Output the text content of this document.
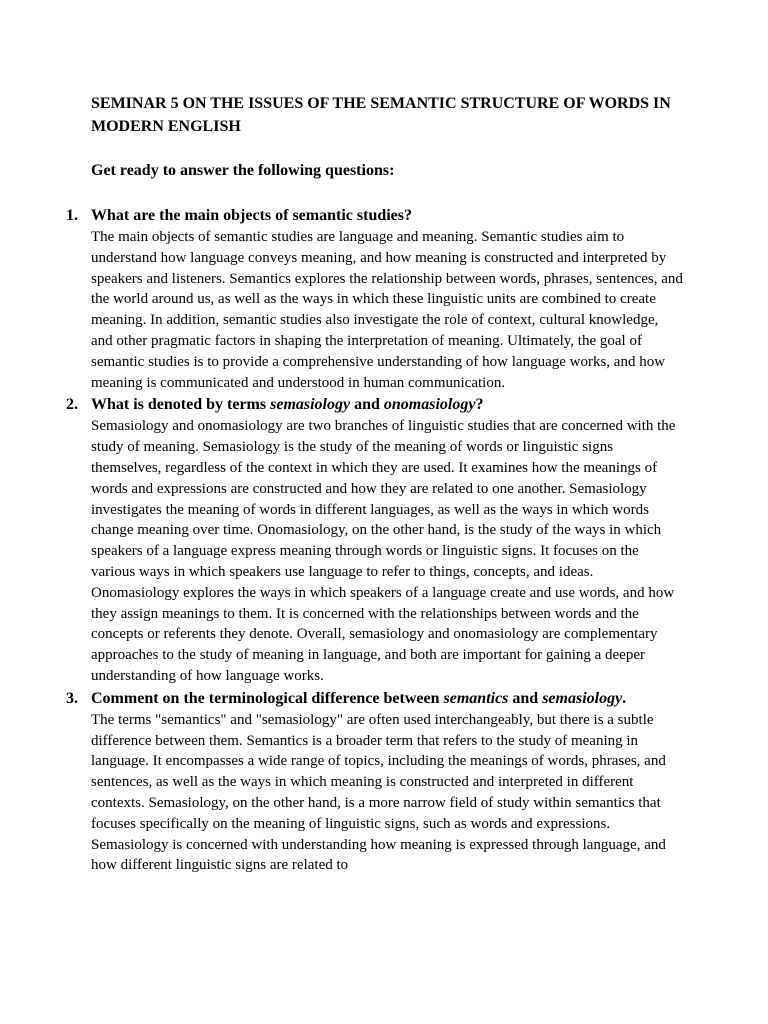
SEMINAR 5 ON THE ISSUES OF THE SEMANTIC STRUCTURE OF WORDS IN MODERN ENGLISH
Get ready to answer the following questions:
1. What are the main objects of semantic studies?

The main objects of semantic studies are language and meaning. Semantic studies aim to understand how language conveys meaning, and how meaning is constructed and interpreted by speakers and listeners. Semantics explores the relationship between words, phrases, sentences, and the world around us, as well as the ways in which these linguistic units are combined to create meaning. In addition, semantic studies also investigate the role of context, cultural knowledge, and other pragmatic factors in shaping the interpretation of meaning. Ultimately, the goal of semantic studies is to provide a comprehensive understanding of how language works, and how meaning is communicated and understood in human communication.

2. What is denoted by terms semasiology and onomasiology?

Semasiology and onomasiology are two branches of linguistic studies that are concerned with the study of meaning. Semasiology is the study of the meaning of words or linguistic signs themselves, regardless of the context in which they are used. It examines how the meanings of words and expressions are constructed and how they are related to one another. Semasiology investigates the meaning of words in different languages, as well as the ways in which words change meaning over time. Onomasiology, on the other hand, is the study of the ways in which speakers of a language express meaning through words or linguistic signs. It focuses on the various ways in which speakers use language to refer to things, concepts, and ideas. Onomasiology explores the ways in which speakers of a language create and use words, and how they assign meanings to them. It is concerned with the relationships between words and the concepts or referents they denote. Overall, semasiology and onomasiology are complementary approaches to the study of meaning in language, and both are important for gaining a deeper understanding of how language works.

3. Comment on the terminological difference between semantics and semasiology.

The terms "semantics" and "semasiology" are often used interchangeably, but there is a subtle difference between them. Semantics is a broader term that refers to the study of meaning in language. It encompasses a wide range of topics, including the meanings of words, phrases, and sentences, as well as the ways in which meaning is constructed and interpreted in different contexts. Semasiology, on the other hand, is a more narrow field of study within semantics that focuses specifically on the meaning of linguistic signs, such as words and expressions. Semasiology is concerned with understanding how meaning is expressed through language, and how different linguistic signs are related to
